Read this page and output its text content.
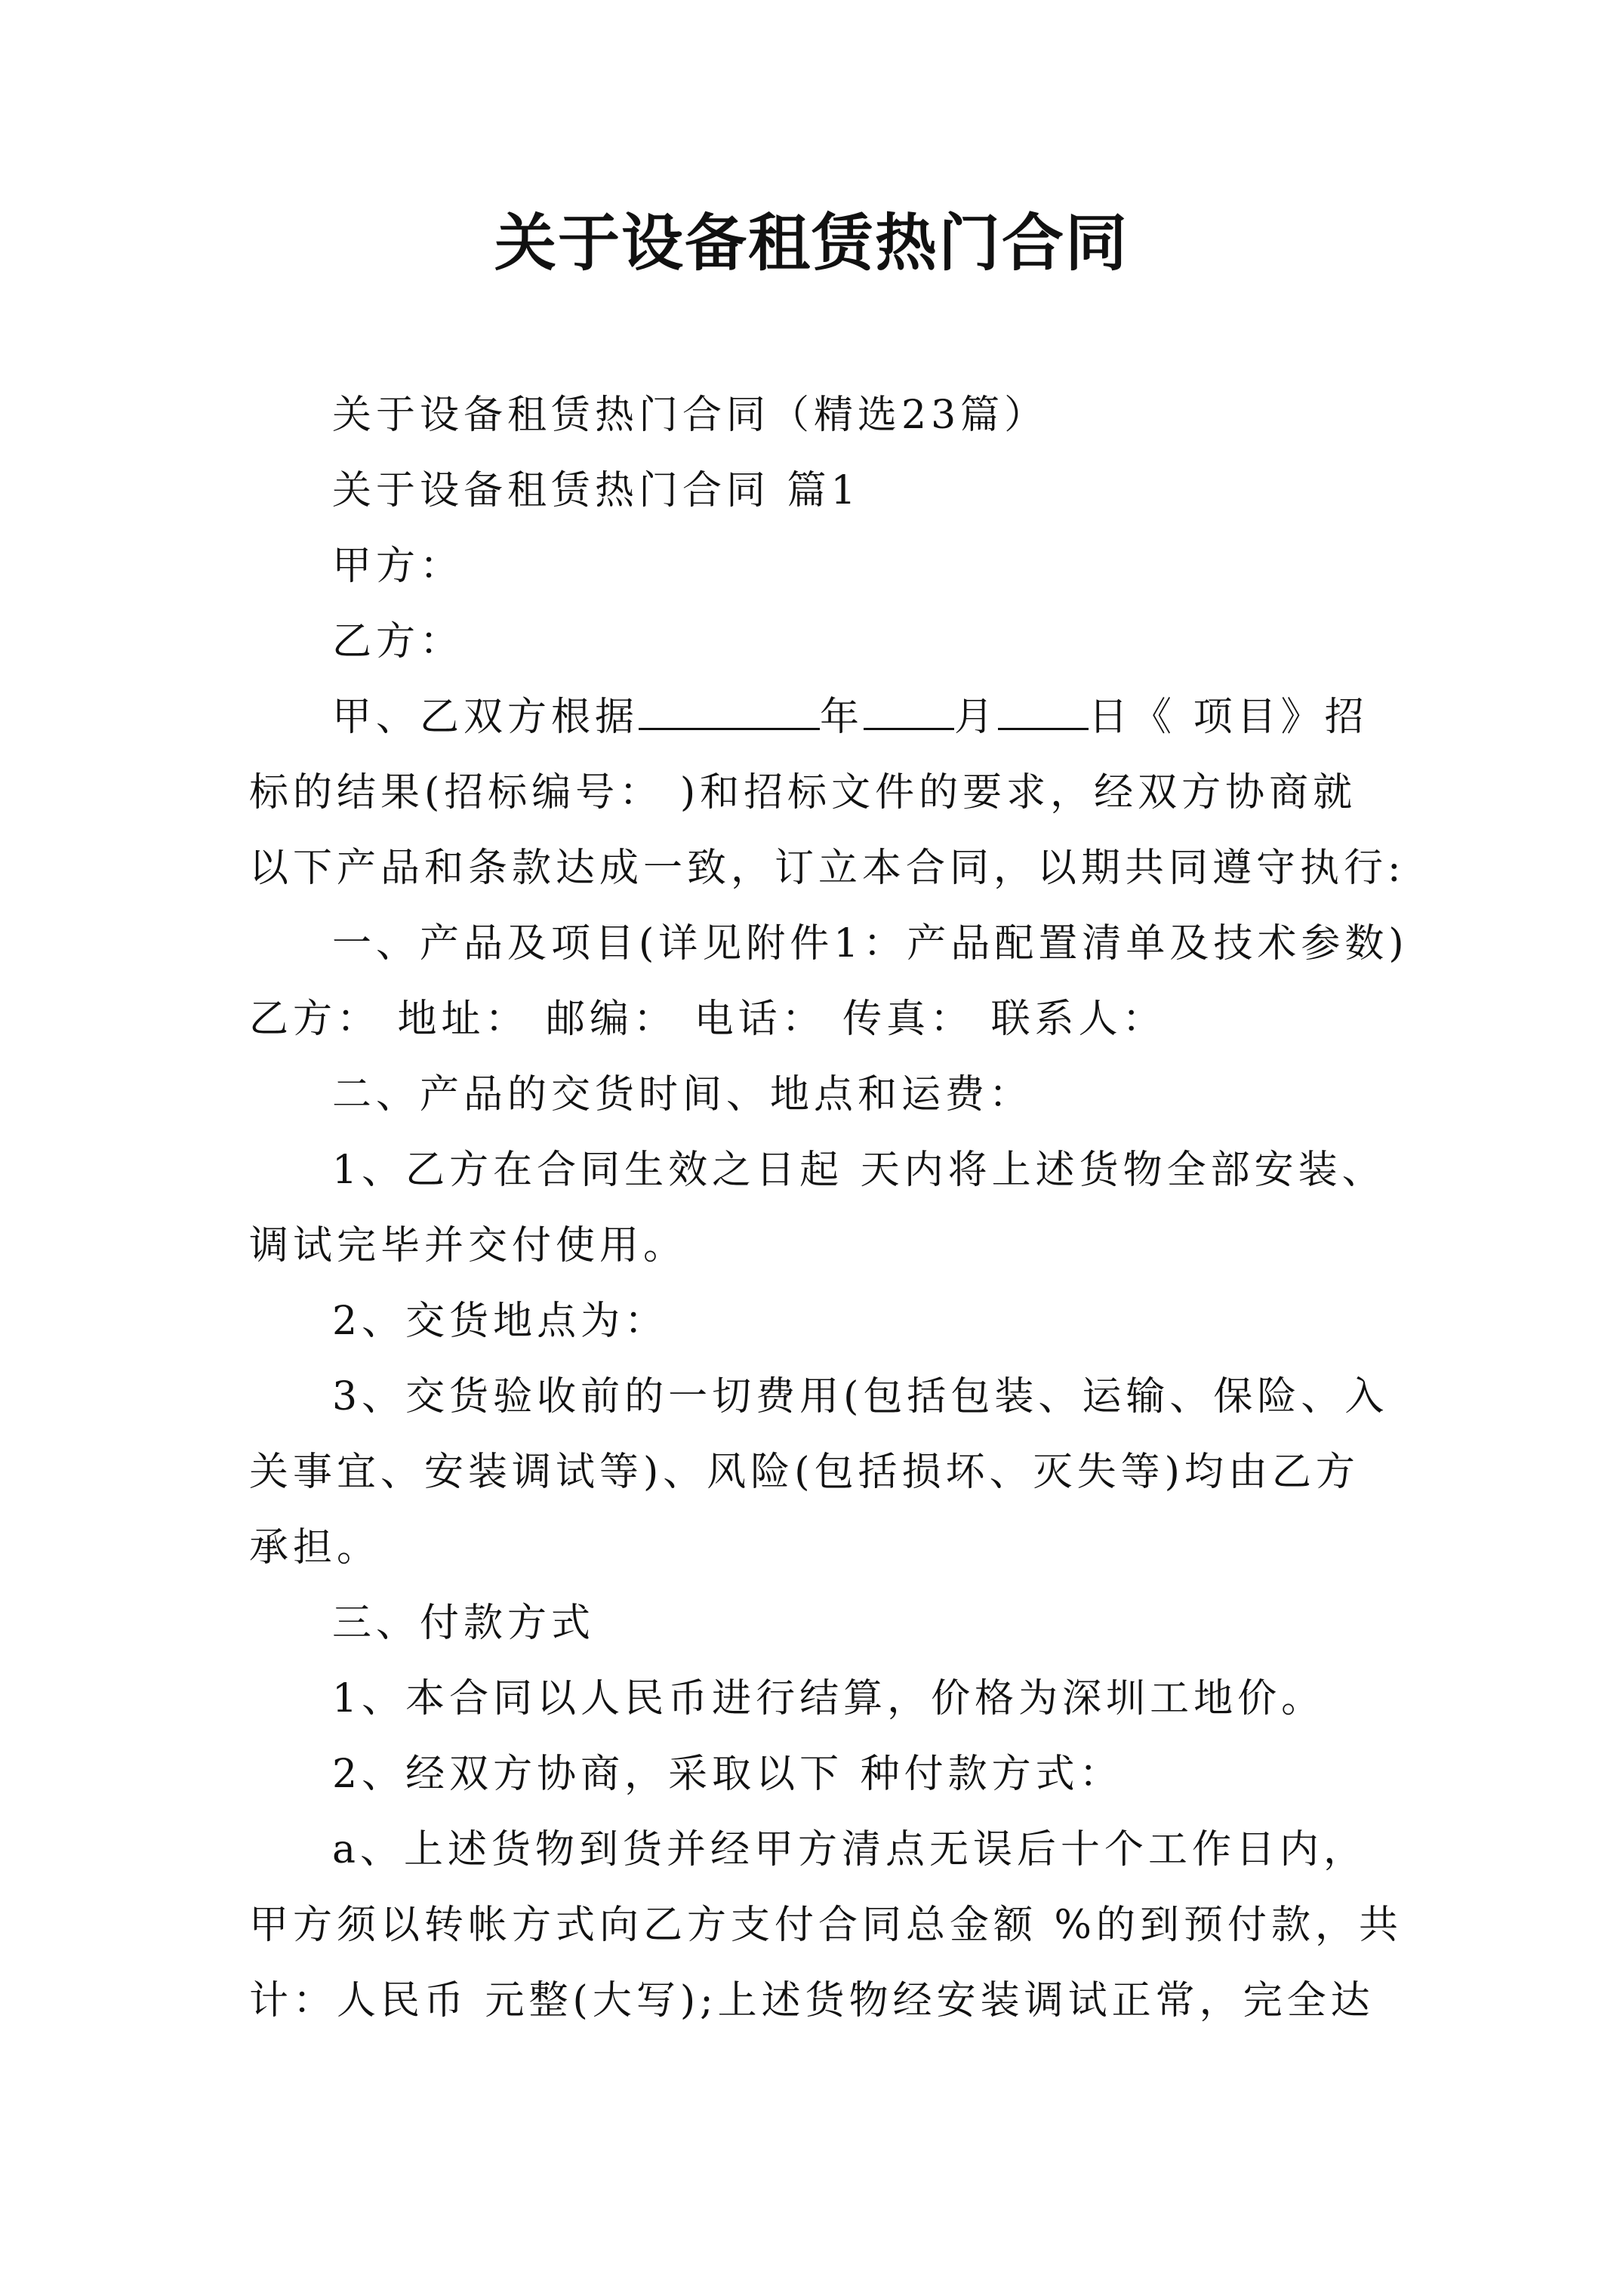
关于设备租赁热门合同

关于设备租赁热门合同（精选23篇）

关于设备租赁热门合同 篇1

甲方：

乙方：

甲、乙双方根据	年 月 日《 项目》招

标的结果(招标编号： )和招标文件的要求，经双方协商就

以下产品和条款达成一致，订立本合同，以期共同遵守执行:

一、产品及项目(详见附件1：产品配置清单及技术参数)

乙方： 地址： 邮编： 电话： 传真： 联系人：

二、产品的交货时间、地点和运费：

1、乙方在合同生效之日起 天内将上述货物全部安装、

调试完毕并交付使用。

2、交货地点为：

3、交货验收前的一切费用(包括包装、运输、保险、入

关事宜、安装调试等)、风险(包括损坏、灭失等)均由乙方

承担。

三、付款方式

1、本合同以人民币进行结算，价格为深圳工地价。

2、经双方协商，采取以下 种付款方式：

a、上述货物到货并经甲方清点无误后十个工作日内，

甲方须以转帐方式向乙方支付合同总金额 %的到预付款，共

计：人民币 元整(大写);上述货物经安装调试正常，完全达
